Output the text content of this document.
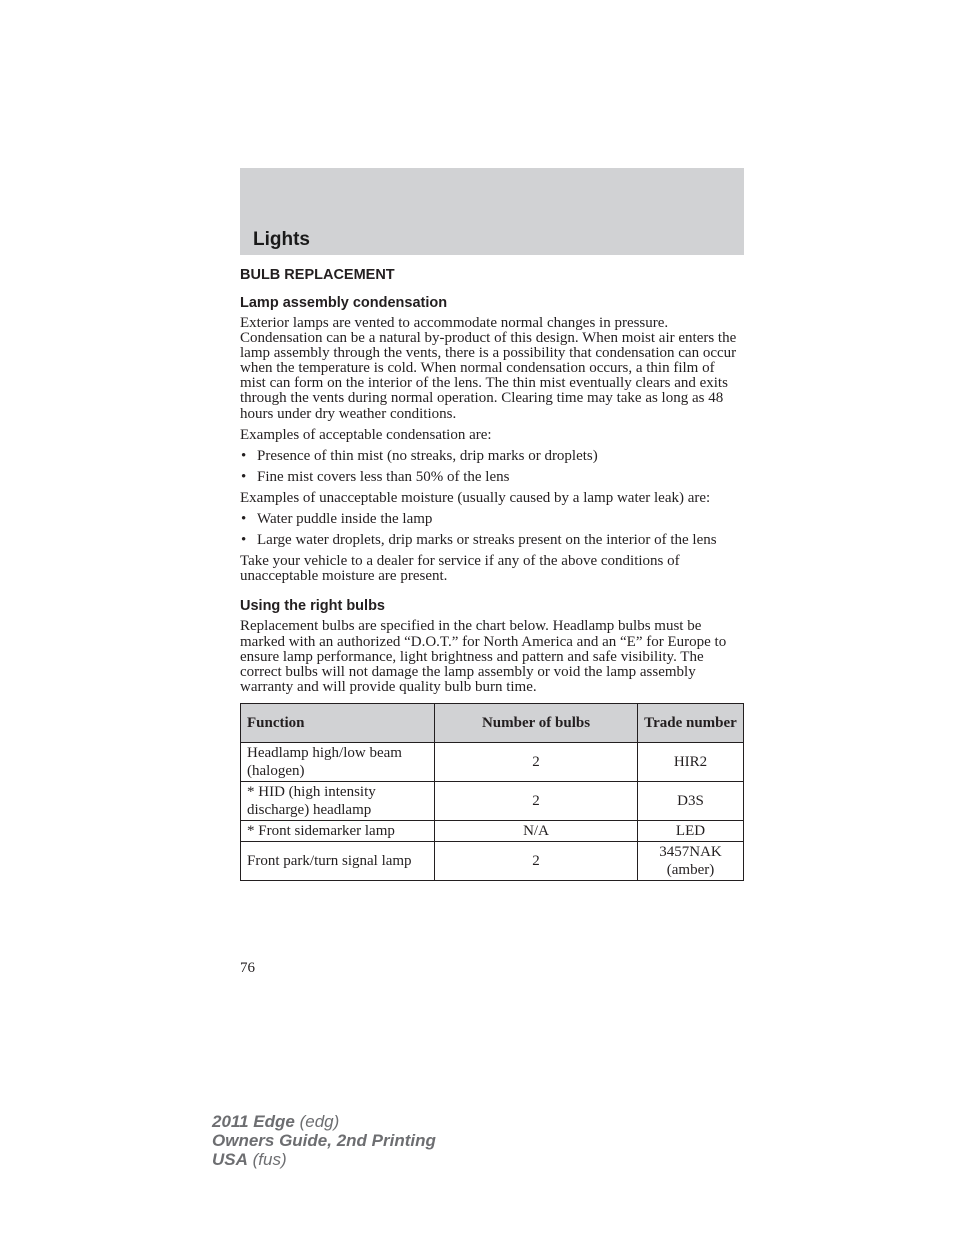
Lights
BULB REPLACEMENT
Lamp assembly condensation

Exterior lamps are vented to accommodate normal changes in pressure. Condensation can be a natural by-product of this design. When moist air enters the lamp assembly through the vents, there is a possibility that condensation can occur when the temperature is cold. When normal condensation occurs, a thin film of mist can form on the interior of the lens. The thin mist eventually clears and exits through the vents during normal operation. Clearing time may take as long as 48 hours under dry weather conditions.

Examples of acceptable condensation are:

• Presence of thin mist (no streaks, drip marks or droplets)
• Fine mist covers less than 50% of the lens

Examples of unacceptable moisture (usually caused by a lamp water leak) are:

• Water puddle inside the lamp
• Large water droplets, drip marks or streaks present on the interior of the lens

Take your vehicle to a dealer for service if any of the above conditions of unacceptable moisture are present.

Using the right bulbs

Replacement bulbs are specified in the chart below. Headlamp bulbs must be marked with an authorized “D.O.T.” for North America and an “E” for Europe to ensure lamp performance, light brightness and pattern and safe visibility. The correct bulbs will not damage the lamp assembly or void the lamp assembly warranty and will provide quality bulb burn time.

Function	Number of bulbs	Trade number
Headlamp high/low beam (halogen)	2	HIR2
* HID (high intensity discharge) headlamp	2	D3S
* Front sidemarker lamp	N/A	LED
Front park/turn signal lamp	2	3457NAK (amber)
76
2011 Edge (edg)
Owners Guide, 2nd Printing
USA (fus)
